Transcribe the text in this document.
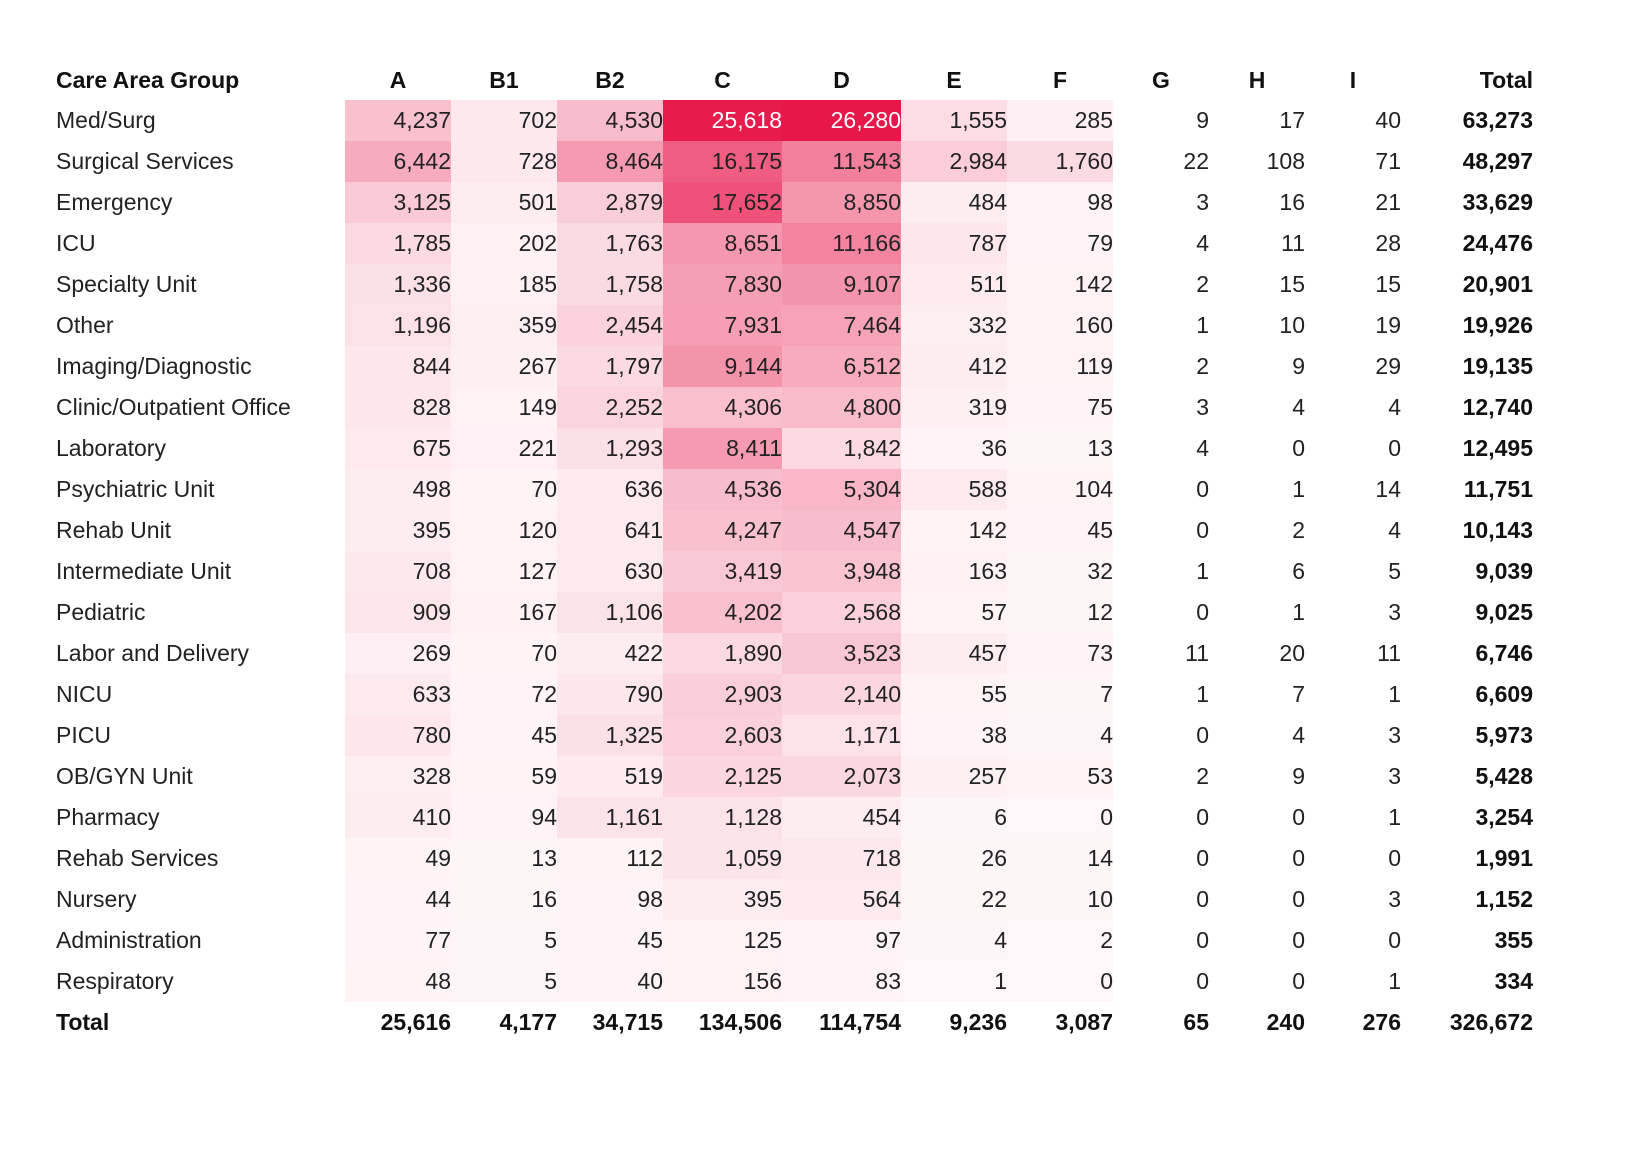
Care Area Group	A	B1	B2	C	D	E	F	G	H	I	Total
Med/Surg	4,237	702	4,530	25,618	26,280	1,555	285	9	17	40	63,273
Surgical Services	6,442	728	8,464	16,175	11,543	2,984	1,760	22	108	71	48,297
Emergency	3,125	501	2,879	17,652	8,850	484	98	3	16	21	33,629
ICU	1,785	202	1,763	8,651	11,166	787	79	4	11	28	24,476
Specialty Unit	1,336	185	1,758	7,830	9,107	511	142	2	15	15	20,901
Other	1,196	359	2,454	7,931	7,464	332	160	1	10	19	19,926
Imaging/Diagnostic	844	267	1,797	9,144	6,512	412	119	2	9	29	19,135
Clinic/Outpatient Office	828	149	2,252	4,306	4,800	319	75	3	4	4	12,740
Laboratory	675	221	1,293	8,411	1,842	36	13	4	0	0	12,495
Psychiatric Unit	498	70	636	4,536	5,304	588	104	0	1	14	11,751
Rehab Unit	395	120	641	4,247	4,547	142	45	0	2	4	10,143
Intermediate Unit	708	127	630	3,419	3,948	163	32	1	6	5	9,039
Pediatric	909	167	1,106	4,202	2,568	57	12	0	1	3	9,025
Labor and Delivery	269	70	422	1,890	3,523	457	73	11	20	11	6,746
NICU	633	72	790	2,903	2,140	55	7	1	7	1	6,609
PICU	780	45	1,325	2,603	1,171	38	4	0	4	3	5,973
OB/GYN Unit	328	59	519	2,125	2,073	257	53	2	9	3	5,428
Pharmacy	410	94	1,161	1,128	454	6	0	0	0	1	3,254
Rehab Services	49	13	112	1,059	718	26	14	0	0	0	1,991
Nursery	44	16	98	395	564	22	10	0	0	3	1,152
Administration	77	5	45	125	97	4	2	0	0	0	355
Respiratory	48	5	40	156	83	1	0	0	0	1	334
Total	25,616	4,177	34,715	134,506	114,754	9,236	3,087	65	240	276	326,672
